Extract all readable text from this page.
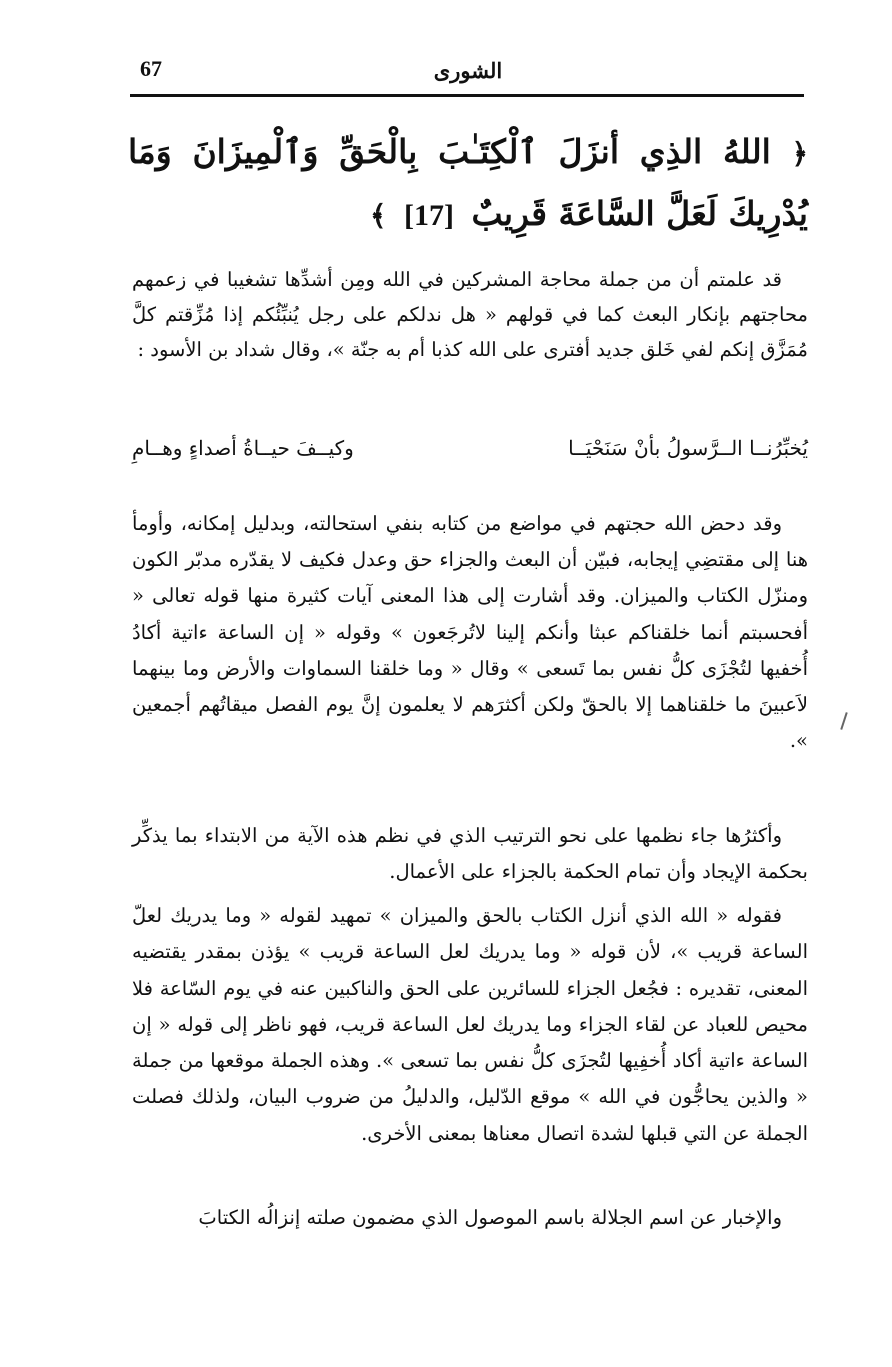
67	الشورى
﴿ اللهُ الذِي أنزَلَ ٱلْكِتَـٰبَ بِالْحَقِّ وَٱلْمِيزَانَ وَمَا يُدْرِيكَ لَعَلَّ السَّاعَةَ قَرِيبٌ [17] ﴾

قد علمتم أن من جملة محاجة المشركين في الله ومِن أشدِّها تشغيبا في زعمهم محاجتهم بإنكار البعث كما في قولهم « هل ندلكم على رجل يُنبِّئُكم إذا مُزِّقتم كلَّ مُمَزَّق إنكم لفي خَلق جديد أفترى على الله كذبا أم به جنّة »، وقال شداد بن الأسود :

يُخبِّرُنــا الــرَّسولُ بأنْ سَنَحْيَــا
وكيــفَ حيــاةُ أصداءٍ وهــامِ

وقد دحض الله حجتهم في مواضع من كتابه بنفي استحالته، وبدليل إمكانه، وأومأ هنا إلى مقتضِي إيجابه، فبيّن أن البعث والجزاء حق وعدل فكيف لا يقدّره مدبّر الكون ومنزّل الكتاب والميزان. وقد أشارت إلى هذا المعنى آيات كثيرة منها قوله تعالى « أفحسبتم أنما خلقناكم عبثا وأنكم إلينا لاتُرجَعون » وقوله « إن الساعة ءاتية أكادُ أُخفيها لتُجْزَى كلُّ نفس بما تَسعى » وقال « وما خلقنا السماوات والأرض وما بينهما لاَعبينَ ما خلقناهما إلا بالحقّ ولكن أكثرَهم لا يعلمون إنَّ يوم الفصل ميقاتُهم أجمعين ».

وأكثرُها جاء نظمها على نحو الترتيب الذي في نظم هذه الآية من الابتداء بما يذكِّر بحكمة الإيجاد وأن تمام الحكمة بالجزاء على الأعمال.

فقوله « الله الذي أنزل الكتاب بالحق والميزان » تمهيد لقوله « وما يدريك لعلّ الساعة قريب »، لأن قوله « وما يدريك لعل الساعة قريب » يؤذن بمقدر يقتضيه المعنى، تقديره : فجُعل الجزاء للسائرين على الحق والناكبين عنه في يوم السّاعة فلا محيص للعباد عن لقاء الجزاء وما يدريك لعل الساعة قريب، فهو ناظر إلى قوله « إن الساعة ءاتية أكاد أُخفِيها لتُجزَى كلُّ نفس بما تسعى ». وهذه الجملة موقعها من جملة « والذين يحاجُّون في الله » موقع الدّليل، والدليلُ من ضروب البيان، ولذلك فصلت الجملة عن التي قبلها لشدة اتصال معناها بمعنى الأخرى.

والإخبار عن اسم الجلالة باسم الموصول الذي مضمون صلته إنزالُه الكتابَ
